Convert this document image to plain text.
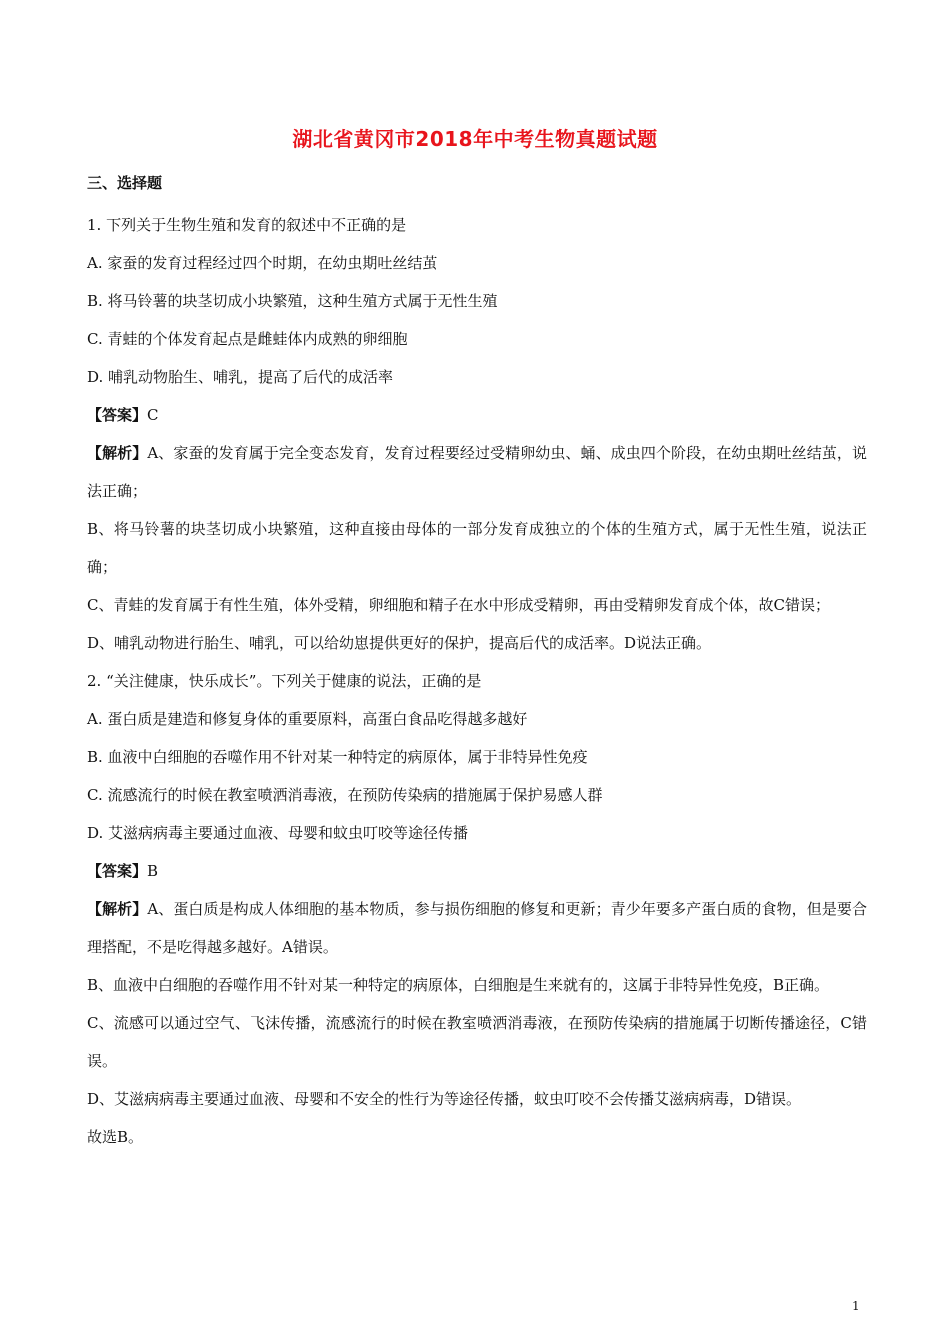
湖北省黄冈市2018年中考生物真题试题
三、选择题
1. 下列关于生物生殖和发育的叙述中不正确的是
A. 家蚕的发育过程经过四个时期，在幼虫期吐丝结茧
B. 将马铃薯的块茎切成小块繁殖，这种生殖方式属于无性生殖
C. 青蛙的个体发育起点是雌蛙体内成熟的卵细胞
D. 哺乳动物胎生、哺乳，提高了后代的成活率
【答案】C
【解析】A、家蚕的发育属于完全变态发育，发育过程要经过受精卵幼虫、蛹、成虫四个阶段，在幼虫期吐丝结茧，说法正确；
B、将马铃薯的块茎切成小块繁殖，这种直接由母体的一部分发育成独立的个体的生殖方式，属于无性生殖，说法正确；
C、青蛙的发育属于有性生殖，体外受精，卵细胞和精子在水中形成受精卵，再由受精卵发育成个体，故C错误；
D、哺乳动物进行胎生、哺乳，可以给幼崽提供更好的保护，提高后代的成活率。D说法正确。
2. “关注健康，快乐成长”。下列关于健康的说法，正确的是
A. 蛋白质是建造和修复身体的重要原料，高蛋白食品吃得越多越好
B. 血液中白细胞的吞噬作用不针对某一种特定的病原体，属于非特异性免疫
C. 流感流行的时候在教室喷洒消毒液，在预防传染病的措施属于保护易感人群
D. 艾滋病病毒主要通过血液、母婴和蚊虫叮咬等途径传播
【答案】B
【解析】A、蛋白质是构成人体细胞的基本物质，参与损伤细胞的修复和更新；青少年要多产蛋白质的食物，但是要合理搭配，不是吃得越多越好。A错误。
B、血液中白细胞的吞噬作用不针对某一种特定的病原体，白细胞是生来就有的，这属于非特异性免疫，B正确。
C、流感可以通过空气、飞沫传播，流感流行的时候在教室喷洒消毒液，在预防传染病的措施属于切断传播途径，C错误。
D、艾滋病病毒主要通过血液、母婴和不安全的性行为等途径传播，蚊虫叮咬不会传播艾滋病病毒，D错误。
故选B。
1
